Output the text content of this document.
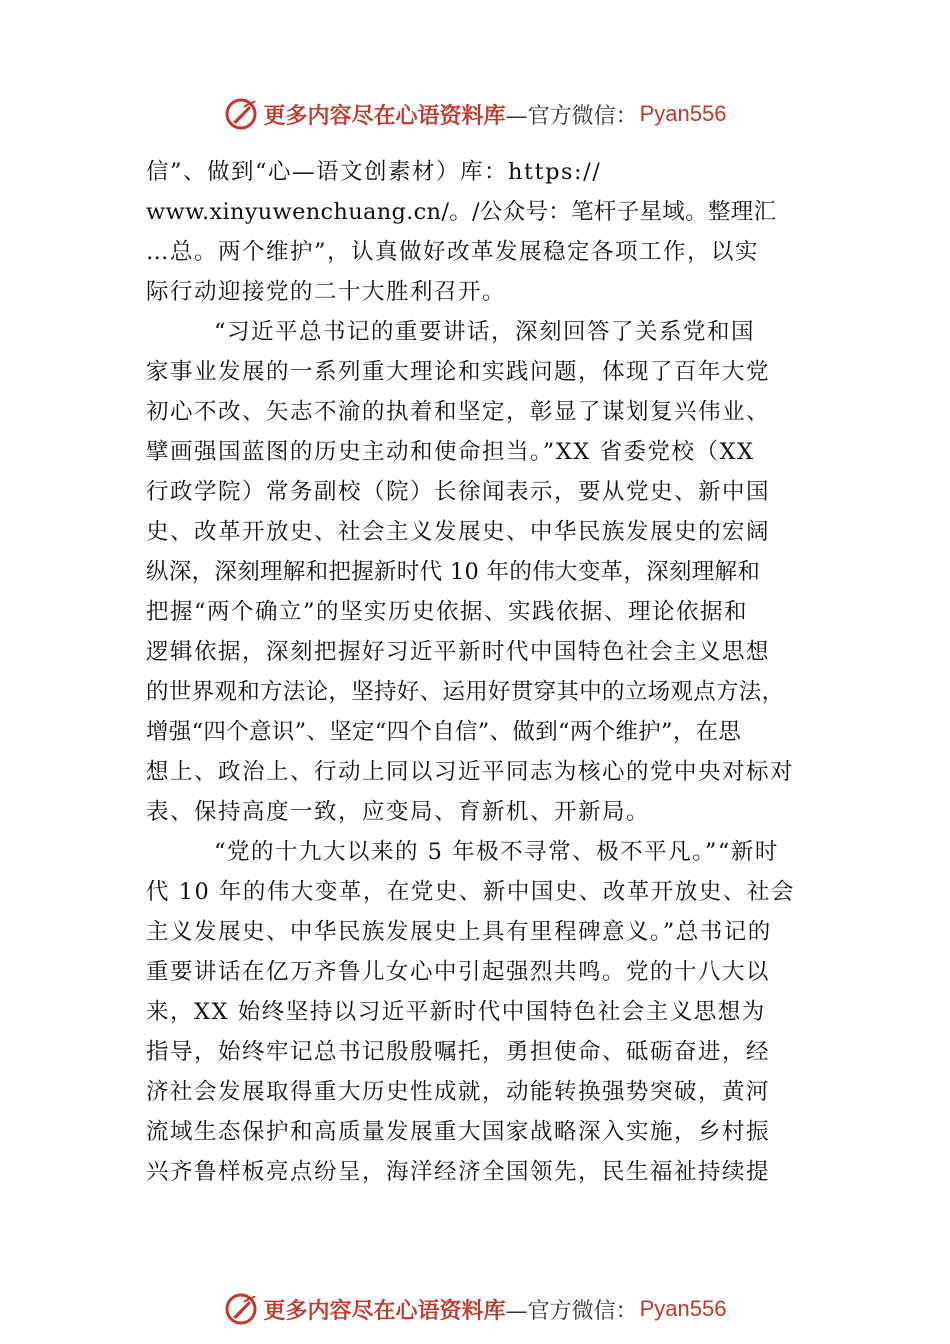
更多内容尽在心语资料库 —官方微信： Pyan556
信”、做到“心—语文创素材）库：https://
www.xinyuwenchuang.cn/。/公众号：笔杆子星域。整理汇
…总。两个维护”，认真做好改革发展稳定各项工作，以实
际行动迎接党的二十大胜利召开。
“习近平总书记的重要讲话，深刻回答了关系党和国
家事业发展的一系列重大理论和实践问题，体现了百年大党
初心不改、矢志不渝的执着和坚定，彰显了谋划复兴伟业、
擘画强国蓝图的历史主动和使命担当。”XX 省委党校（XX
行政学院）常务副校（院）长徐闻表示，要从党史、新中国
史、改革开放史、社会主义发展史、中华民族发展史的宏阔
纵深，深刻理解和把握新时代 10 年的伟大变革，深刻理解和
把握“两个确立”的坚实历史依据、实践依据、理论依据和
逻辑依据，深刻把握好习近平新时代中国特色社会主义思想
的世界观和方法论，坚持好、运用好贯穿其中的立场观点方法，
增强“四个意识”、坚定“四个自信”、做到“两个维护”，在思
想上、政治上、行动上同以习近平同志为核心的党中央对标对
表、保持高度一致，应变局、育新机、开新局。
“党的十九大以来的 5 年极不寻常、极不平凡。”“新时
代 10 年的伟大变革，在党史、新中国史、改革开放史、社会
主义发展史、中华民族发展史上具有里程碑意义。”总书记的
重要讲话在亿万齐鲁儿女心中引起强烈共鸣。党的十八大以
来，XX 始终坚持以习近平新时代中国特色社会主义思想为
指导，始终牢记总书记殷殷嘱托，勇担使命、砥砺奋进，经
济社会发展取得重大历史性成就，动能转换强势突破，黄河
流域生态保护和高质量发展重大国家战略深入实施，乡村振
兴齐鲁样板亮点纷呈，海洋经济全国领先，民生福祉持续提
更多内容尽在心语资料库 —官方微信： Pyan556
